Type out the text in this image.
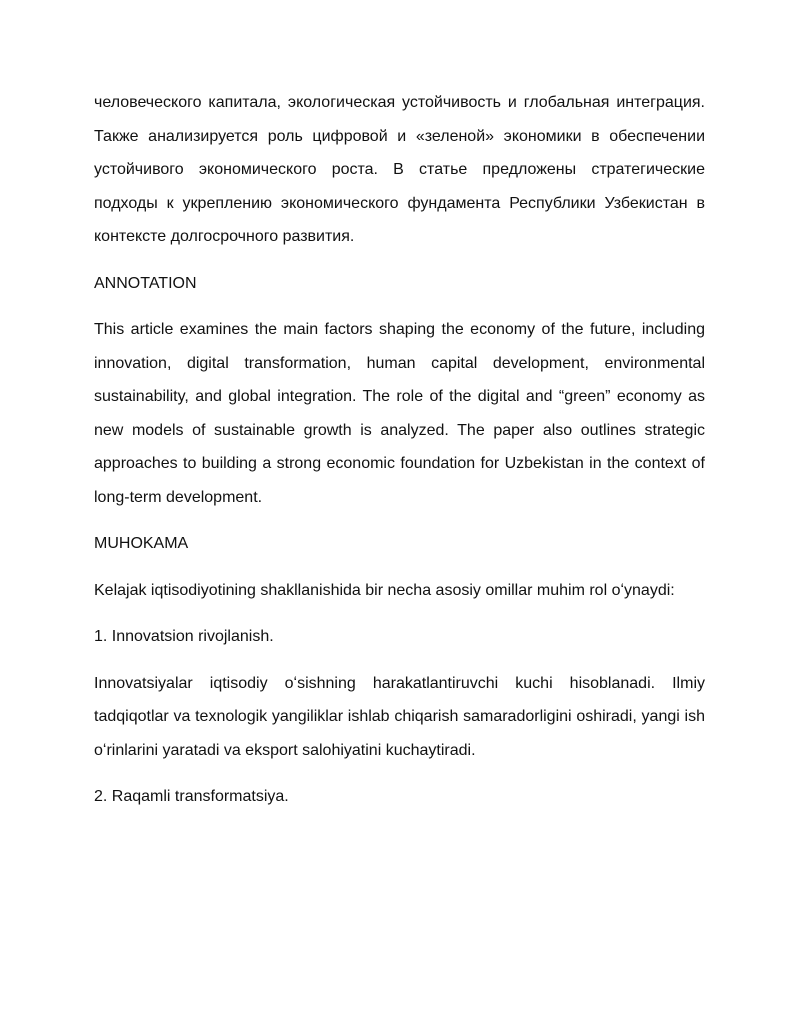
человеческого капитала, экологическая устойчивость и глобальная интеграция. Также анализируется роль цифровой и «зеленой» экономики в обеспечении устойчивого экономического роста. В статье предложены стратегические подходы к укреплению экономического фундамента Республики Узбекистан в контексте долгосрочного развития.

ANNOTATION

This article examines the main factors shaping the economy of the future, including innovation, digital transformation, human capital development, environmental sustainability, and global integration. The role of the digital and “green” economy as new models of sustainable growth is analyzed. The paper also outlines strategic approaches to building a strong economic foundation for Uzbekistan in the context of long-term development.

MUHOKAMA

Kelajak iqtisodiyotining shakllanishida bir necha asosiy omillar muhim rol oʻynaydi:

1. Innovatsion rivojlanish.

Innovatsiyalar iqtisodiy oʻsishning harakatlantiruvchi kuchi hisoblanadi. Ilmiy tadqiqotlar va texnologik yangiliklar ishlab chiqarish samaradorligini oshiradi, yangi ish oʻrinlarini yaratadi va eksport salohiyatini kuchaytiradi.

2. Raqamli transformatsiya.
